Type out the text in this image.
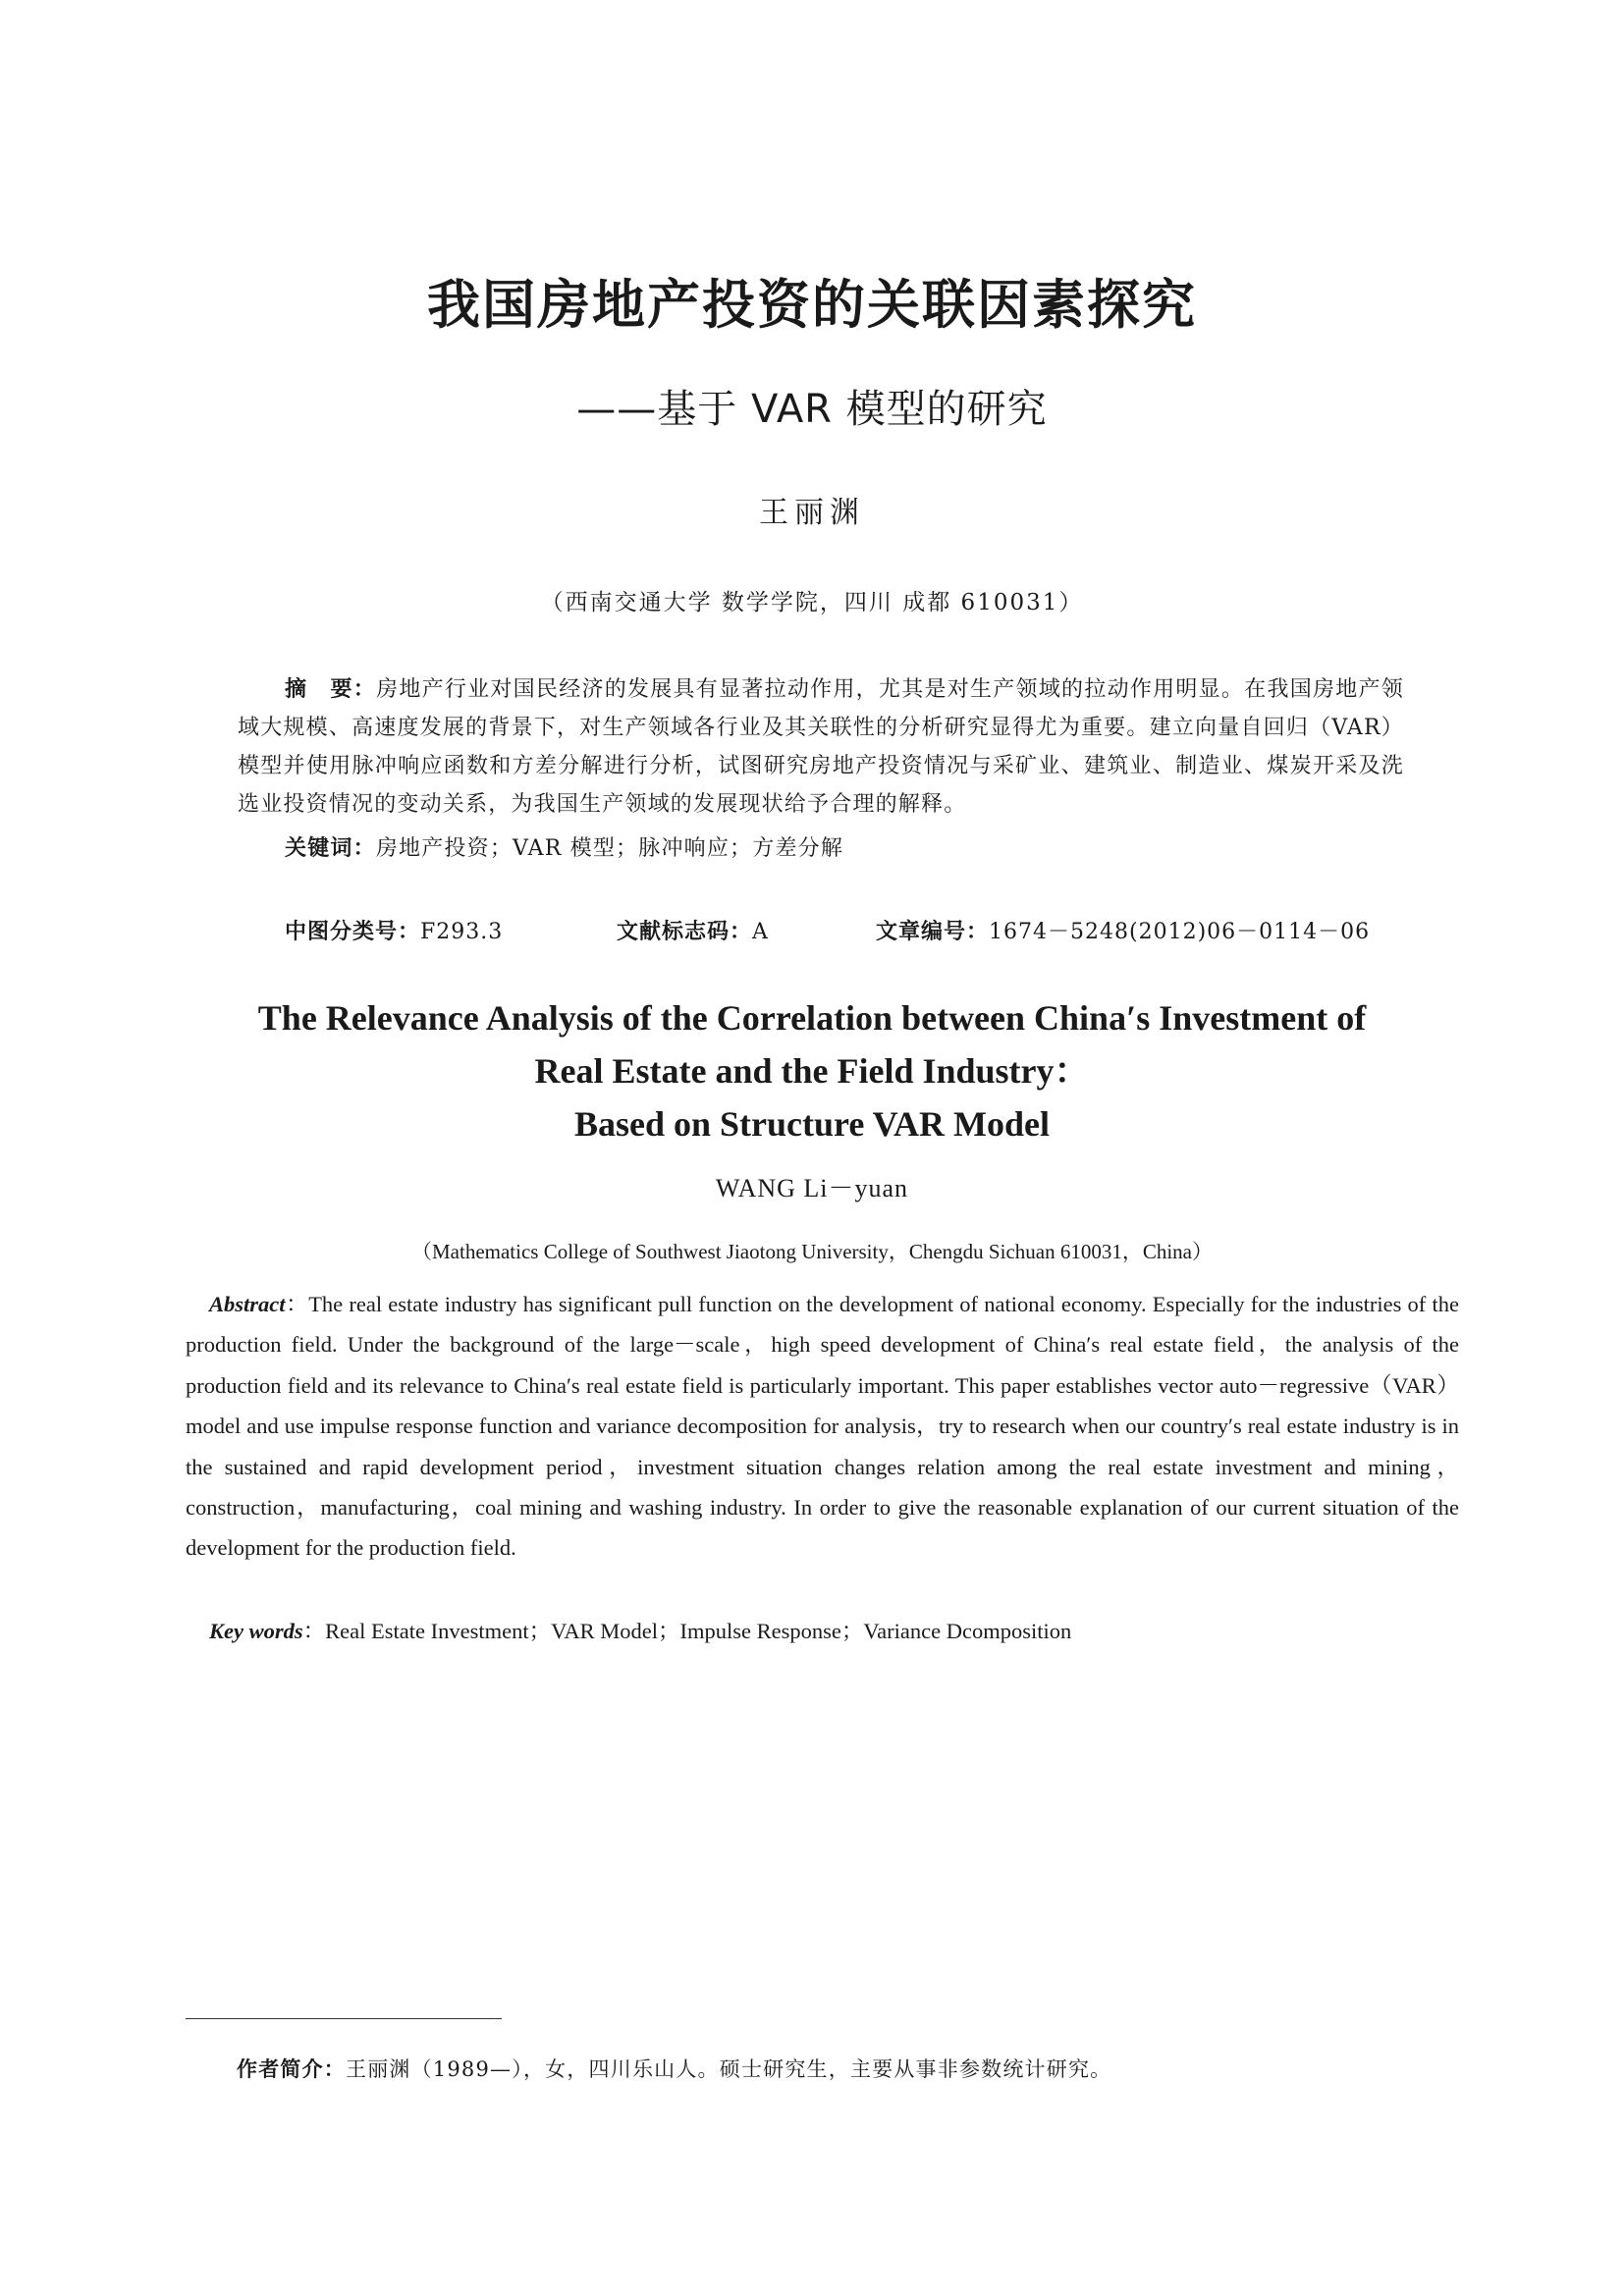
我国房地产投资的关联因素探究
——基于 VAR 模型的研究
王丽渊
（西南交通大学 数学学院，四川 成都 610031）
摘　要：房地产行业对国民经济的发展具有显著拉动作用，尤其是对生产领域的拉动作用明显。在我国房地产领域大规模、高速度发展的背景下，对生产领域各行业及其关联性的分析研究显得尤为重要。建立向量自回归（VAR）模型并使用脉冲响应函数和方差分解进行分析，试图研究房地产投资情况与采矿业、建筑业、制造业、煤炭开采及洗选业投资情况的变动关系，为我国生产领域的发展现状给予合理的解释。
关键词：房地产投资；VAR 模型；脉冲响应；方差分解
中图分类号：F293.3	文献标志码：A	文章编号：1674－5248(2012)06－0114－06
The Relevance Analysis of the Correlation between China′s Investment of
Real Estate and the Field Industry：
Based on Structure VAR Model
WANG Li－yuan
（Mathematics College of Southwest Jiaotong University，Chengdu Sichuan 610031，China）
Abstract：The real estate industry has significant pull function on the development of national economy. Especially for the industries of the production field. Under the background of the large－scale，high speed development of China′s real estate field，the analysis of the production field and its relevance to China′s real estate field is particularly important. This paper establishes vector auto－regressive（VAR）model and use impulse response function and variance decomposition for analysis，try to research when our country′s real estate industry is in the sustained and rapid development period，investment situation changes relation among the real estate investment and mining，construction，manufacturing，coal mining and washing industry. In order to give the reasonable explanation of our current situation of the development for the production field.
Key words：Real Estate Investment；VAR Model；Impulse Response；Variance Dcomposition
作者简介：王丽渊（1989—），女，四川乐山人。硕士研究生，主要从事非参数统计研究。
